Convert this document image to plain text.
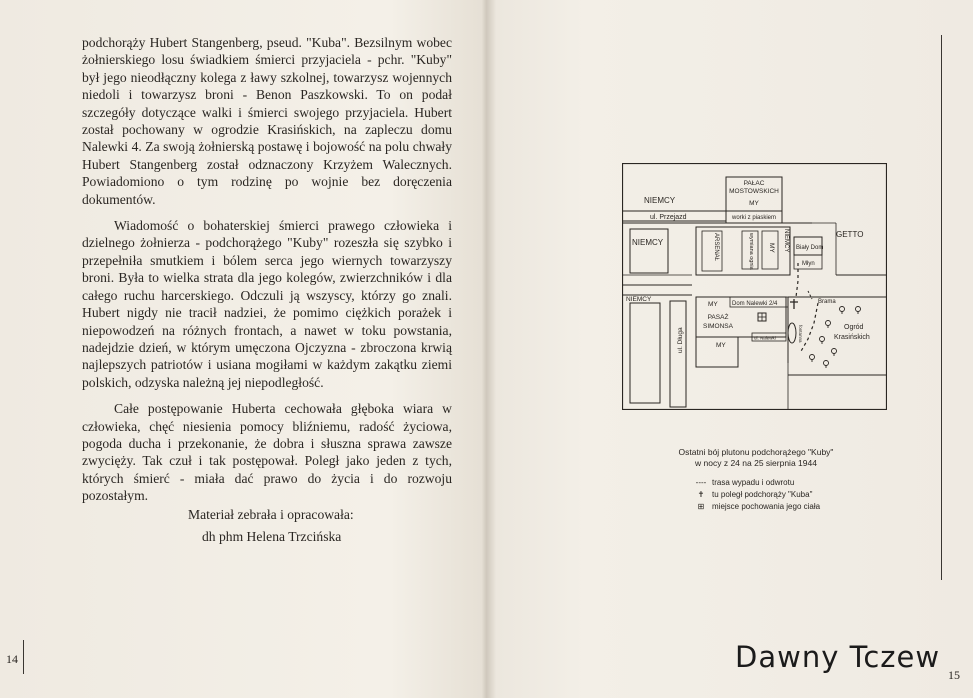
podchorąży Hubert Stangenberg, pseud. "Kuba". Bezsilnym wobec żołnierskiego losu świadkiem śmierci przyjaciela - pchr. "Kuby" był jego nieodłączny kolega z ławy szkolnej, towarzysz wojennych niedoli i towarzysz broni - Benon Paszkowski. To on podał szczegóły dotyczące walki i śmierci swojego przyjaciela. Hubert został pochowany w ogrodzie Krasińskich, na zapleczu domu Nalewki 4. Za swoją żołnierską postawę i bojowość na polu chwały Hubert Stangenberg został odznaczony Krzyżem Walecznych. Powiadomiono o tym rodzinę po wojnie bez doręczenia dokumentów.

Wiadomość o bohaterskiej śmierci prawego człowieka i dzielnego żołnierza - podchorążego "Kuby" rozeszła się szybko i przepełniła smutkiem i bólem serca jego wiernych towarzyszy broni. Była to wielka strata dla jego kolegów, zwierzchników i dla całego ruchu harcerskiego. Odczuli ją wszyscy, którzy go znali. Hubert nigdy nie tracił nadziei, że pomimo ciężkich porażek i niepowodzeń na różnych frontach, a nawet w toku powstania, nadejdzie dzień, w którym umęczona Ojczyzna - zbroczona krwią najlepszych patriotów i usiana mogiłami w każdym zakątku ziemi polskich, odzyska należną jej niepodległość.

Całe postępowanie Huberta cechowała głęboka wiara w człowieka, chęć niesienia pomocy bliźniemu, radość życiowa, pogoda ducha i przekonanie, że dobra i słuszna sprawa zawsze zwycięży. Tak czuł i tak postępował. Poległ jako jeden z tych, których śmierć - miała dać prawo do życia i do rozwoju pozostałym.

Materiał zebrała i opracowała:
dh phm Helena Trzcińska
14
PAŁAC
MOSTOWSKICH
MY
NIEMCY
ul. Przejazd	worki z piaskiem
GETTO
NIEMCY	ARSENAŁ	wymiana ognia MY NIEMCY Biały Dom
Młyn
NIEMCY
MY Dom Nalewki 2/4
PASAŻ
SIMONSA
MY
ul. Długa
Brama
Ogród
Krasińskich
fontanna
ul. Nalewki
Ostatni bój plutonu podchorążego "Kuby"
w nocy z 24 na 25 sierpnia 1944
---- trasa wypadu i odwrotu
✝ tu poległ podchorąży "Kuba"
⊞ miejsce pochowania jego ciała
Dawny Tczew
15
